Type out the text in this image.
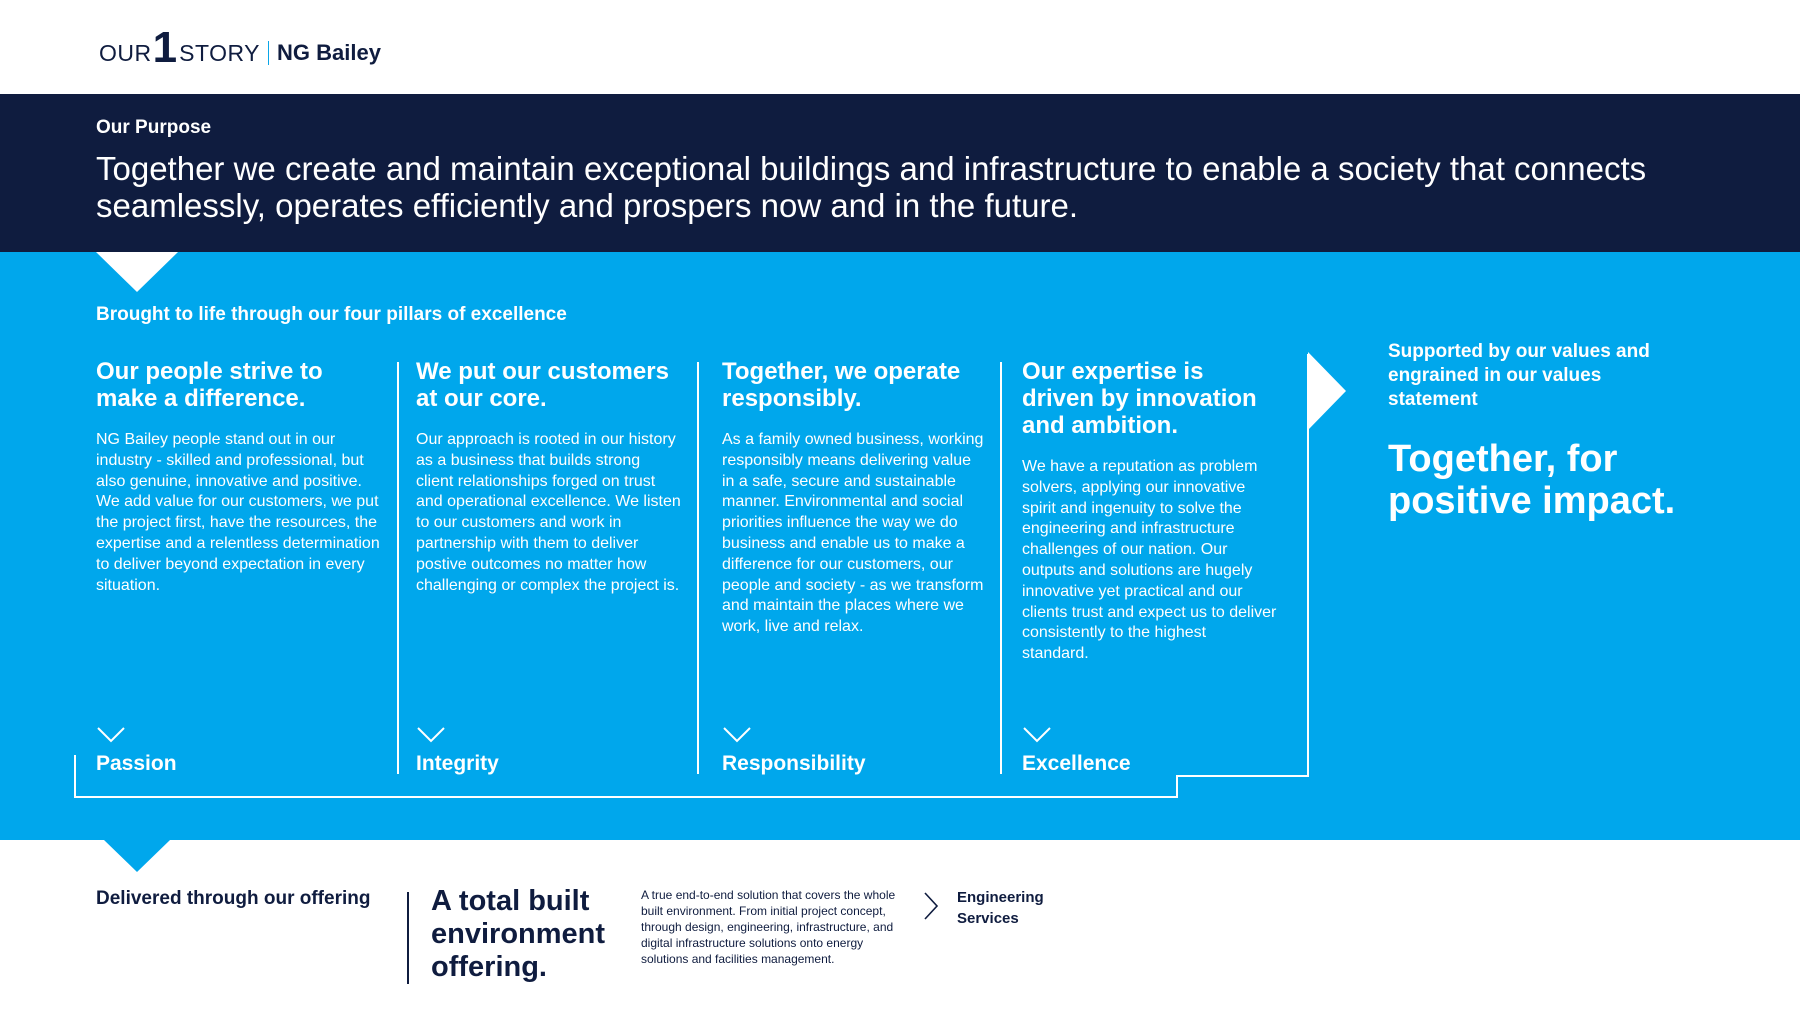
OUR 1 STORY NG Bailey
Our Purpose
Together we create and maintain exceptional buildings and infrastructure to enable a society that connects seamlessly, operates efficiently and prospers now and in the future.
Brought to life through our four pillars of excellence
Our people strive to make a difference.

NG Bailey people stand out in our industry - skilled and professional, but also genuine, innovative and positive. We add value for our customers, we put the project first, have the resources, the expertise and a relentless determination to deliver beyond expectation in every situation.

We put our customers at our core.

Our approach is rooted in our history as a business that builds strong client relationships forged on trust and operational excellence. We listen to our customers and work in partnership with them to deliver postive outcomes no matter how challenging or complex the project is.

Together, we operate responsibly.

As a family owned business, working responsibly means delivering value in a safe, secure and sustainable manner. Environmental and social priorities influence the way we do business and enable us to make a difference for our customers, our people and society - as we transform and maintain the places where we work, live and relax.

Our expertise is driven by innovation and ambition.

We have a reputation as problem solvers, applying our innovative spirit and ingenuity to solve the engineering and infrastructure challenges of our nation. Our outputs and solutions are hugely innovative yet practical and our clients trust and expect us to deliver consistently to the highest standard.

Passion	Integrity	Responsibility	Excellence
Supported by our values and engrained in our values statement
Together, for positive impact.
Delivered through our offering A total built environment offering.
A true end-to-end solution that covers the whole built environment. From initial project concept, through design, engineering, infrastructure, and digital infrastructure solutions onto energy solutions and facilities management.
Engineering Services
